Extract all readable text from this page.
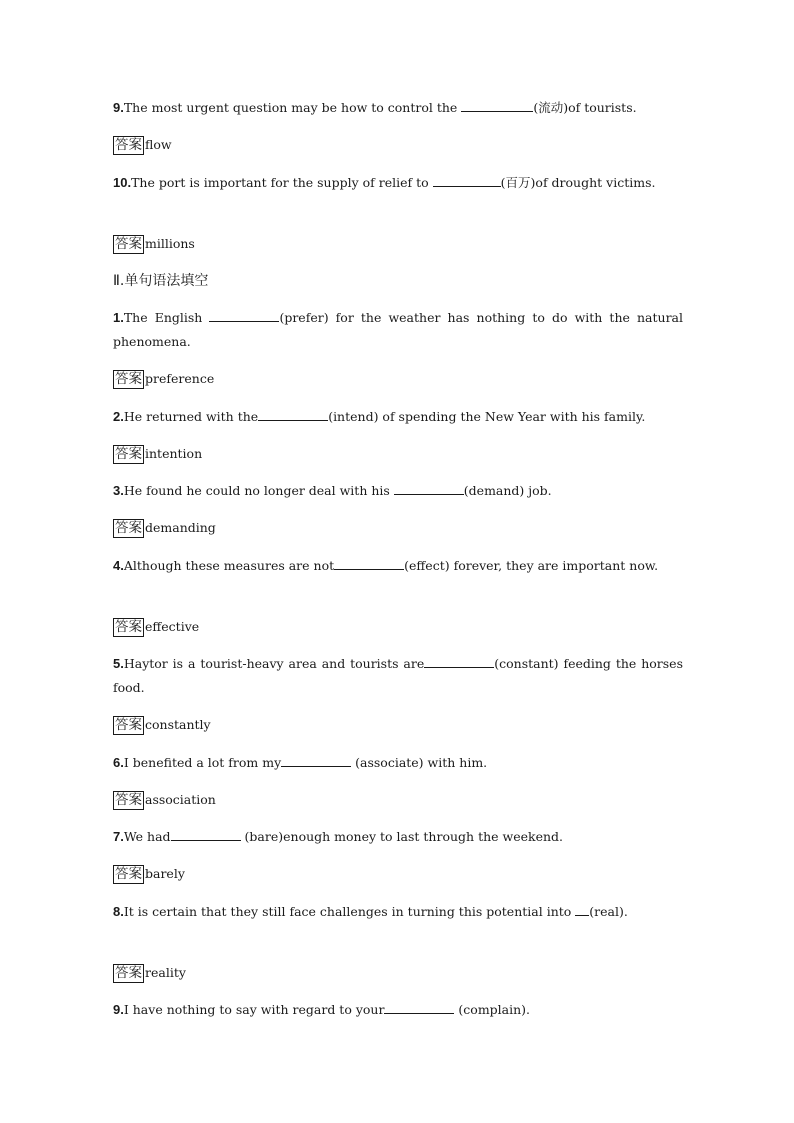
9.The most urgent question may be how to control the	(流动)of tourists.
答案 flow
10.The port is important for the supply of relief to	(百万)of drought victims.
答案 millions
Ⅱ.单句语法填空
1.The English	(prefer) for the weather has nothing to do with the natural phenomena.
答案 preference
2.He returned with the	(intend) of spending the New Year with his family.
答案 intention
3.He found he could no longer deal with his	(demand) job.
答案 demanding
4.Although these measures are not	(effect) forever, they are important now.
答案 effective
5.Haytor is a tourist-heavy area and tourists are	(constant) feeding the horses food.
答案 constantly
6.I benefited a lot from my	(associate) with him.
答案 association
7.We had	(bare)enough money to last through the weekend.
答案 barely
8.It is certain that they still face challenges in turning this potential into (real).
答案 reality
9.I have nothing to say with regard to your	(complain).
